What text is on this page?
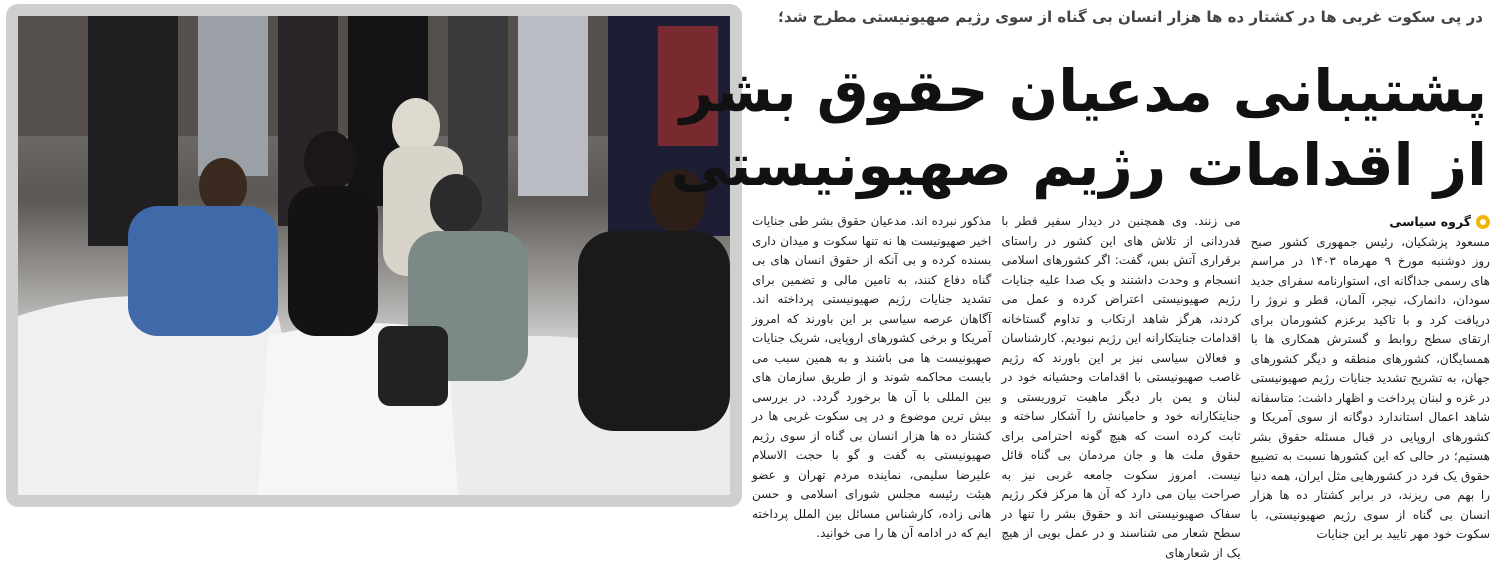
در پی سکوت غربی ها در کشتار ده ها هزار انسان بی گناه از سوی رژیم صهیونیستی مطرح شد؛
پشتیبانی مدعیان حقوق بشر
از اقدامات رژیم صهیونیستی
گروه سیاسی

مسعود پزشکیان، رئیس جمهوری کشور صبح روز دوشنبه مورخ ۹ مهرماه ۱۴۰۳ در مراسم های رسمی جداگانه ای، استوارنامه سفرای جدید سودان، دانمارک، نیجر، آلمان، قطر و نروژ را دریافت کرد و با تاکید برعزم کشورمان برای ارتقای سطح روابط و گسترش همکاری ها با همسایگان، کشورهای منطقه و دیگر کشورهای جهان، به تشریح تشدید جنایات رژیم صهیونیستی در غزه و لبنان پرداخت و اظهار داشت: متاسفانه شاهد اعمال استاندارد دوگانه از سوی آمریکا و کشورهای اروپایی در قبال مسئله حقوق بشر هستیم؛ در حالی که این کشورها نسبت به تضییع حقوق یک فرد در کشورهایی مثل ایران، همه دنیا را بهم می ریزند، در برابر کشتار ده ها هزار انسان بی گناه از سوی رژیم صهیونیستی، با سکوت خود مهر تایید بر این جنایات

می زنند. وی همچنین در دیدار سفیر قطر با قدردانی از تلاش های این کشور در راستای برقراری آتش بس، گفت: اگر کشورهای اسلامی انسجام و وحدت داشتند و یک صدا علیه جنایات رژیم صهیونیستی اعتراض کرده و عمل می کردند، هرگز شاهد ارتکاب و تداوم گستاخانه اقدامات جنایتکارانه این رژیم نبودیم. کارشناسان و فعالان سیاسی نیز بر این باورند که رژیم غاصب صهیونیستی با اقدامات وحشیانه خود در لبنان و یمن بار دیگر ماهیت تروریستی و جنایتکارانه خود و حامیانش را آشکار ساخته و ثابت کرده است که هیچ گونه احترامی برای حقوق ملت ها و جان مردمان بی گناه قائل نیست. امروز سکوت جامعه غربی نیز به صراحت بیان می دارد که آن ها مرکز فکر رژیم سفاک صهیونیستی اند و حقوق بشر را تنها در سطح شعار می شناسند و در عمل بویی از هیچ یک از شعارهای

مذکور نبرده اند. مدعیان حقوق بشر طی جنایات اخیر صهیونیست ها نه تنها سکوت و میدان داری بسنده کرده و بی آنکه از حقوق انسان های بی گناه دفاع کنند، به تامین مالی و تضمین برای تشدید جنایات رژیم صهیونیستی پرداخته اند. آگاهان عرصه سیاسی بر این باورند که امروز آمریکا و برخی کشورهای اروپایی، شریک جنایات صهیونیست ها می باشند و به همین سبب می بایست محاکمه شوند و از طریق سازمان های بین المللی با آن ها برخورد گردد. در بررسی بیش ترین موضوع و در پی سکوت غربی ها در کشتار ده ها هزار انسان بی گناه از سوی رژیم صهیونیستی به گفت و گو با حجت الاسلام علیرضا سلیمی، نماینده مردم تهران و عضو هیئت رئیسه مجلس شورای اسلامی و حسن هانی زاده، کارشناس مسائل بین الملل پرداخته ایم که در ادامه آن ها را می خوانید.
